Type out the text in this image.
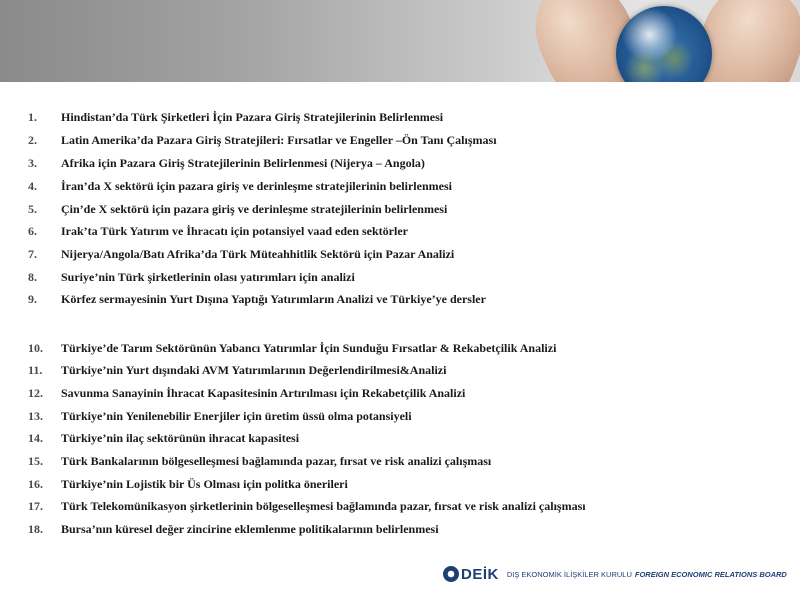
1. Hindistan’da Türk Şirketleri İçin Pazara Giriş Stratejilerinin Belirlenmesi
2. Latin Amerika’da Pazara Giriş Stratejileri: Fırsatlar ve Engeller –Ön Tanı Çalışması
3. Afrika için Pazara Giriş Stratejilerinin Belirlenmesi (Nijerya – Angola)
4. İran’da X sektörü için pazara giriş ve derinleşme stratejilerinin belirlenmesi
5. Çin’de X sektörü için pazara giriş ve derinleşme stratejilerinin belirlenmesi
6. Irak’ta Türk Yatırım ve İhracatı için potansiyel vaad eden sektörler
7. Nijerya/Angola/Batı Afrika’da Türk Müteahhitlik Sektörü için Pazar Analizi
8. Suriye’nin Türk şirketlerinin olası yatırımları için analizi
9. Körfez sermayesinin Yurt Dışına Yaptığı Yatırımların Analizi ve Türkiye’ye dersler
10. Türkiye’de Tarım Sektörünün Yabancı Yatırımlar İçin Sunduğu Fırsatlar & Rekabetçilik Analizi
11. Türkiye’nin Yurt dışındaki AVM Yatırımlarının Değerlendirilmesi&Analizi
12. Savunma Sanayinin İhracat Kapasitesinin Artırılması için Rekabetçilik Analizi
13. Türkiye’nin Yenilenebilir Enerjiler için üretim üssü olma potansiyeli
14. Türkiye’nin ilaç sektörünün ihracat kapasitesi
15. Türk Bankalarının bölgeselleşmesi bağlamında pazar, fırsat ve risk analizi çalışması
16. Türkiye’nin Lojistik bir Üs Olması için politka önerileri
17. Türk Telekomünikasyon şirketlerinin bölgeselleşmesi bağlamında pazar, fırsat ve risk analizi çalışması
18. Bursa’nın küresel değer zincirine eklemlenme politikalarının belirlenmesi
DEİK DIŞ EKONOMİK İLİŞKİLER KURULU FOREIGN ECONOMIC RELATIONS BOARD
